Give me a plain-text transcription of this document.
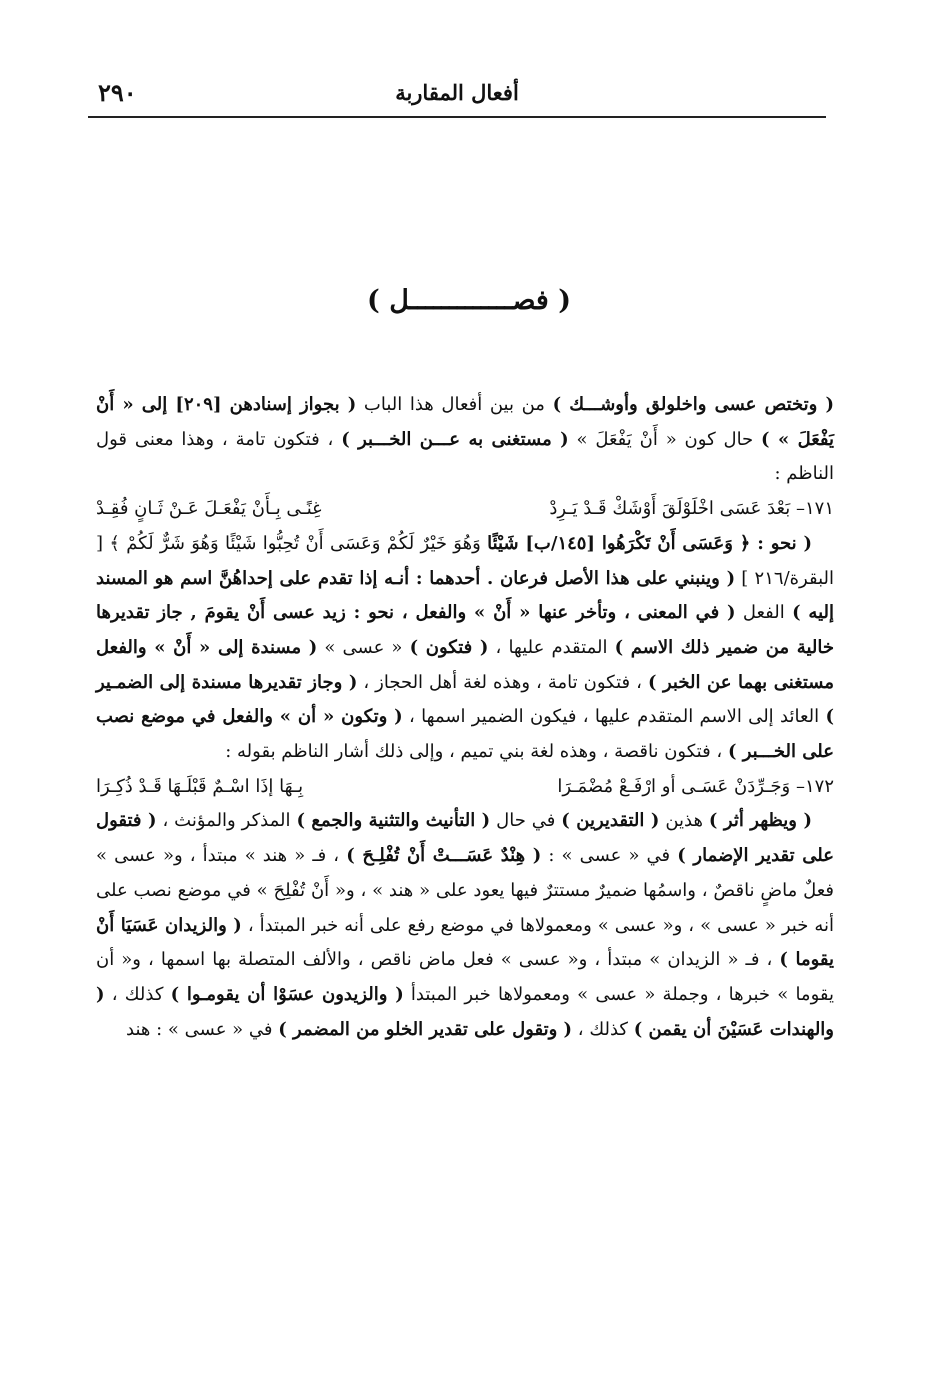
٢٩٠	أفعال المقاربة
( فصـــــــــــــل )

( وتختص عسى واخلولق وأوشـــك ) من بين أفعال هذا الباب ( بجواز إسنادهن [٢٠٩] إلى « أَنْ يَفْعَلَ » ) حال كون « أَنْ يَفْعَلَ » ( مستغنى به عـــن الخـــبر ) ، فتكون تامة ، وهذا معنى قول الناظم :

١٧١– بَعْدَ عَسَى اخْلَوْلَقَ أَوْشَكْ قَـدْ يَـرِدْ
غِنًـى بِـأَنْ يَفْعَـلَ عَـنْ ثَـانٍ فُقِـدْ

( نحو : ﴿ وَعَسَى أَنْ تَكْرَهُوا [١٤٥/ب] شَيْئًا وَهُوَ خَيْرٌ لَكُمْ وَعَسَى أَنْ تُحِبُّوا شَيْئًا وَهُوَ شَرٌّ لَكُمْ ﴾ [ البقرة/٢١٦ ] ( وينبني على هذا الأصل فرعان . أحدهما : أنـه إذا تقدم على إحداهُنَّ اسم هو المسند إليه ) الفعل ( في المعنى ، وتأخر عنها « أَنْ » والفعل ، نحو : زيد عسى أَنْ يقومَ , جاز تقديرها خالية من ضمير ذلك الاسم ) المتقدم عليها ، ( فتكون ) « عسى » ( مسندة إلى « أَنْ » والفعل مستغنى بهما عن الخبر ) ، فتكون تامة ، وهذه لغة أهل الحجاز ، ( وجاز تقديرها مسندة إلى الضمـير ) العائد إلى الاسم المتقدم عليها ، فيكون الضمير اسمها ، ( وتكون « أن » والفعل في موضع نصب على الخـــبر ) ، فتكون ناقصة ، وهذه لغة بني تميم ، وإلى ذلك أشار الناظم بقوله :

١٧٢– وَجَـرِّدَنْ عَسَـى أو ارْفَـعْ مُضْمَـرَا
بِـهَا إذَا اسْـمٌ قَبْلَـهَا قَـدْ ذُكِـرَا

( ويظهر أثر ) هذين ( التقديرين ) في حال ( التأنيث والتثنية والجمع ) المذكر والمؤنث ، ( فتقول على تقدير الإضمار ) في « عسى » : ( هِنْدٌ عَسَـــتْ أَنْ تُفْلِـحَ ) ، فـ « هند » مبتدأ ، و« عسى » فعلٌ ماضٍ ناقصٌ ، واسمُها ضميرٌ مستترٌ فيها يعود على « هند » ، و« أَنْ تُفْلِحَ » في موضع نصب على أنه خبر « عسى » ، و« عسى » ومعمولاها في موضع رفع على أنه خبر المبتدأ ، ( والزيدان عَسَيَا أَنْ يقوما ) ، فـ « الزيدان » مبتدأ ، و« عسى » فعل ماض ناقص ، والألف المتصلة بها اسمها ، و« أن يقوما » خبرها ، وجملة « عسى » ومعمولاها خبر المبتدأ ( والزيدون عسَوْا أن يقومـوا ) كذلك ، ( والهندات عَسَيْنَ أن يقمن ) كذلك ، ( وتقول على تقدير الخلو من المضمر ) في « عسى » : هند
